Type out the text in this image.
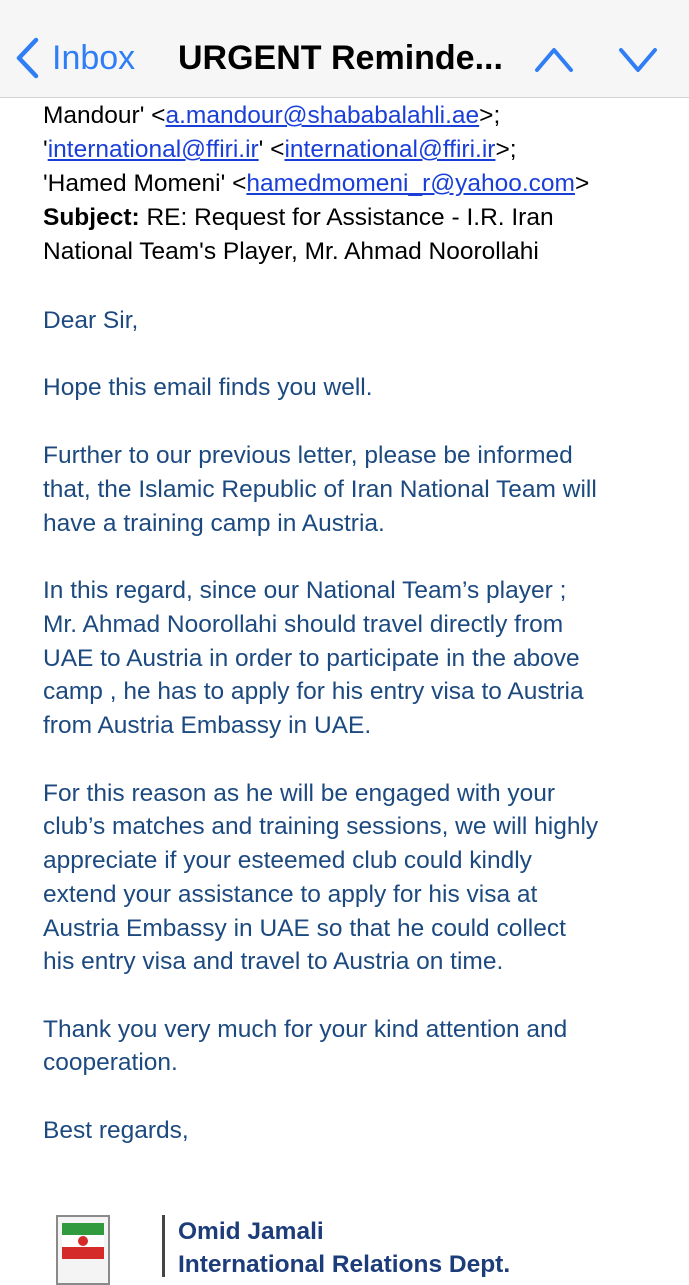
Inbox URGENT Reminde...
Mandour' <a.mandour@shababalahli.ae>;
'international@ffiri.ir' <international@ffiri.ir>;
'Hamed Momeni' <hamedmomeni_r@yahoo.com>
Subject: RE: Request for Assistance - I.R. Iran
National Team's Player, Mr. Ahmad Noorollahi
Dear Sir,
Hope this email finds you well.
Further to our previous letter, please be informed
that, the Islamic Republic of Iran National Team will
have a training camp in Austria.
In this regard, since our National Team’s player ;
Mr. Ahmad Noorollahi should travel directly from
UAE to Austria in order to participate in the above
camp , he has to apply for his entry visa to Austria
from Austria Embassy in UAE.
For this reason as he will be engaged with your
club’s matches and training sessions, we will highly
appreciate if your esteemed club could kindly
extend your assistance to apply for his visa at
Austria Embassy in UAE so that he could collect
his entry visa and travel to Austria on time.
Thank you very much for your kind attention and
cooperation.
Best regards,
Omid Jamali
International Relations Dept.
